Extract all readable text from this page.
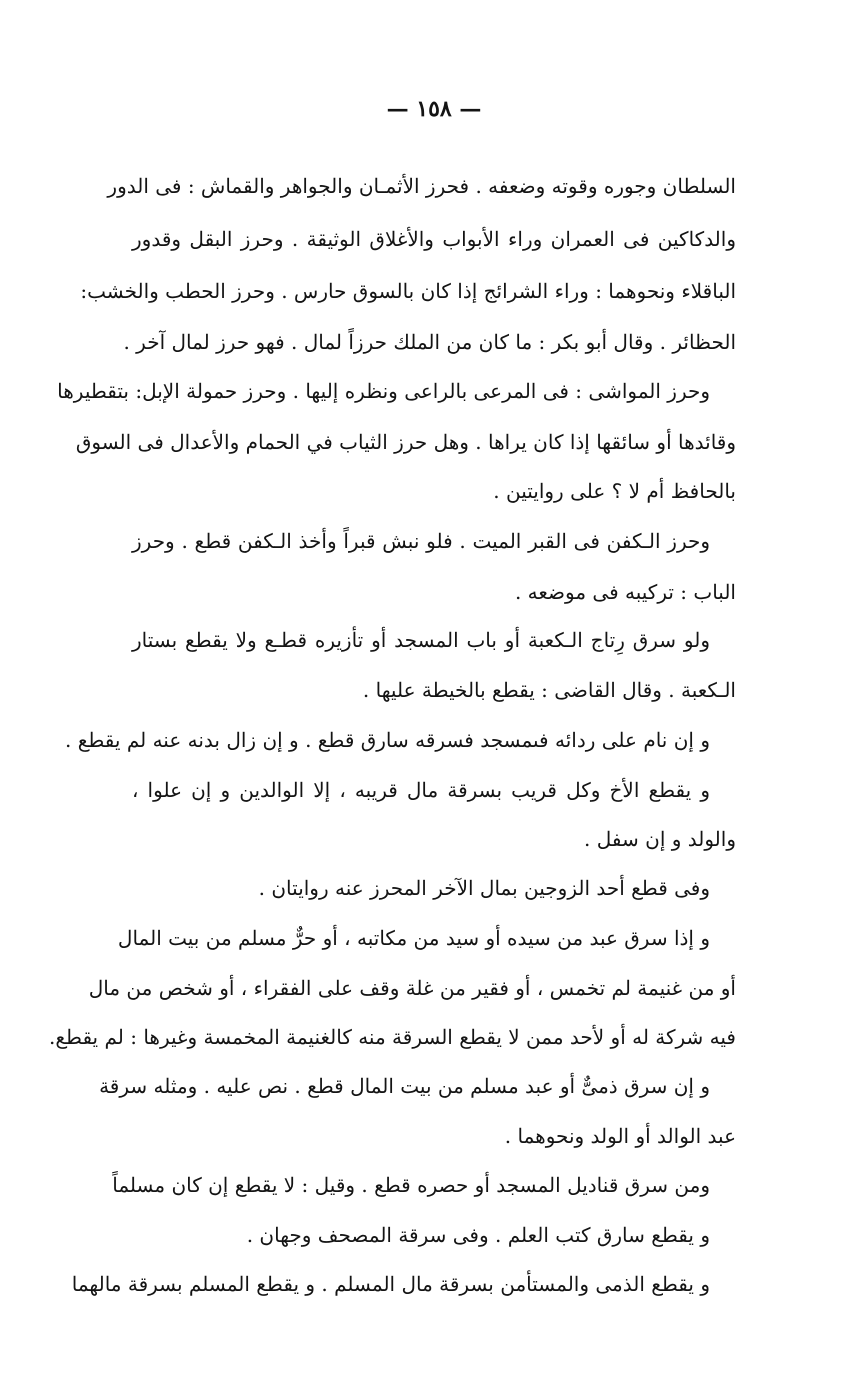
— ١٥٨ —
السلطان وجوره وقوته وضعفه . فحرز الأثمـان والجواهر والقماش : فى الدور
والدكاكين فى العمران وراء الأبواب والأغلاق الوثيقة . وحرز البقل وقدور
الباقلاء ونحوهما : وراء الشرائج إذا كان بالسوق حارس . وحرز الحطب والخشب:
الحظائر . وقال أبو بكر : ما كان من الملك حرزاً لمال . فهو حرز لمال آخر .
وحرز المواشى : فى المرعى بالراعى ونظره إليها . وحرز حمولة الإبل: بتقطيرها
وقائدها أو سائقها إذا كان يراها . وهل حرز الثياب في الحمام والأعدال فى السوق
بالحافظ أم لا ؟ على روايتين .
وحرز الـكفن فى القبر الميت . فلو نبش قبراً وأخذ الـكفن قطع . وحرز
الباب : تركيبه فى موضعه .
ولو سرق رِتاج الـكعبة أو باب المسجد أو تأزيره قطـع ولا يقطع بستار
الـكعبة . وقال القاضى : يقطع بالخيطة عليها .
و إن نام على ردائه فىمسجد فسرقه سارق قطع . و إن زال بدنه عنه لم يقطع .
و يقطع الأخ وكل قريب بسرقة مال قريبه ، إلا الوالدين و إن علوا ،
والولد و إن سفل .
وفى قطع أحد الزوجين بمال الآخر المحرز عنه روايتان .
و إذا سرق عبد من سيده أو سيد من مكاتبه ، أو حرٌّ مسلم من بيت المال
أو من غنيمة لم تخمس ، أو فقير من غلة وقف على الفقراء ، أو شخص من مال
فيه شركة له أو لأحد ممن لا يقطع السرقة منه كالغنيمة المخمسة وغيرها : لم يقطع.
و إن سرق ذمىٌّ أو عبد مسلم من بيت المال قطع . نص عليه . ومثله سرقة
عبد الوالد أو الولد ونحوهما .
ومن سرق قناديل المسجد أو حصره قطع . وقيل : لا يقطع إن كان مسلماً
و يقطع سارق كتب العلم . وفى سرقة المصحف وجهان .
و يقطع الذمى والمستأمن بسرقة مال المسلم . و يقطع المسلم بسرقة مالهما
